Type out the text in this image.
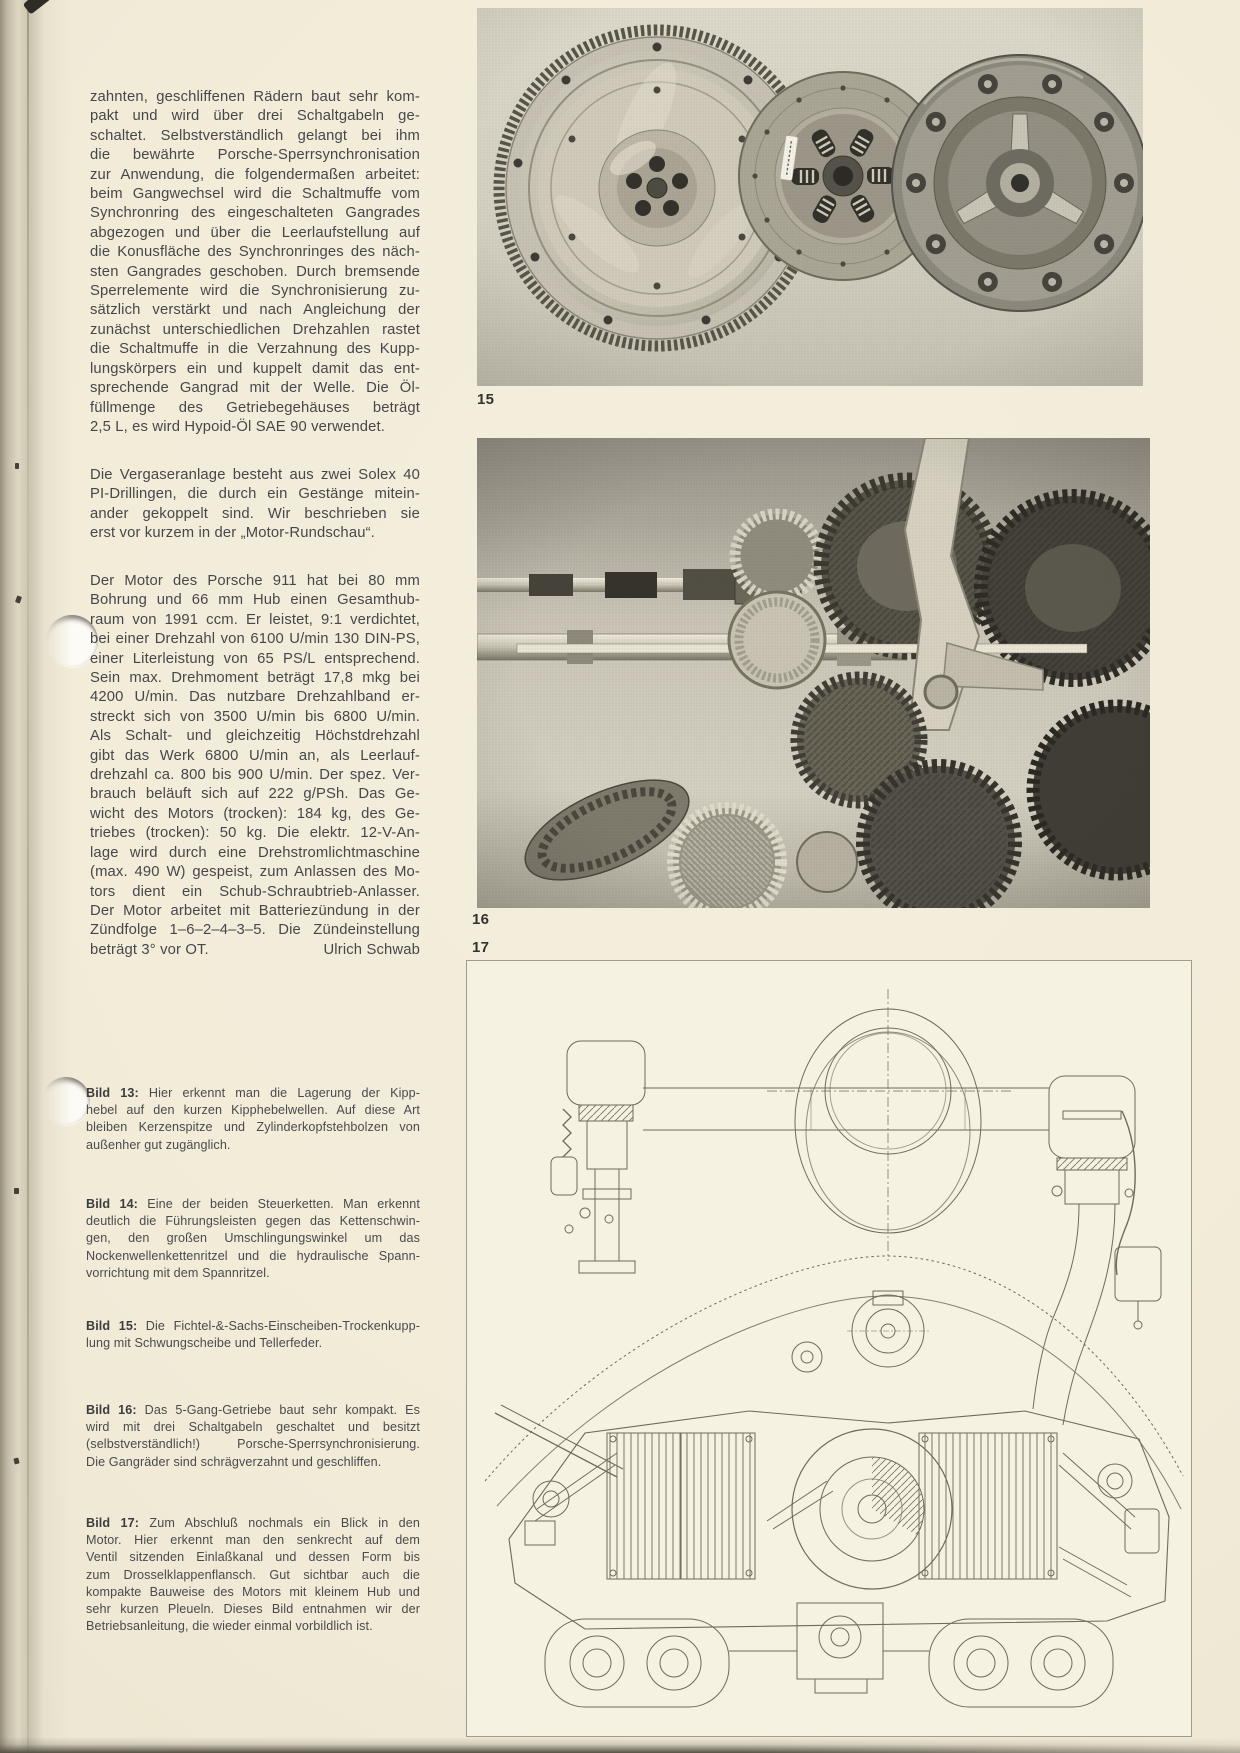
zahnten, geschliffenen Rädern baut sehr kom-
pakt und wird über drei Schaltgabeln ge-
schaltet. Selbstverständlich gelangt bei ihm
die bewährte Porsche-Sperrsynchronisation
zur Anwendung, die folgendermaßen arbeitet:
beim Gangwechsel wird die Schaltmuffe vom
Synchronring des eingeschalteten Gangrades
abgezogen und über die Leerlaufstellung auf
die Konusfläche des Synchronringes des näch-
sten Gangrades geschoben. Durch bremsende
Sperrelemente wird die Synchronisierung zu-
sätzlich verstärkt und nach Angleichung der
zunächst unterschiedlichen Drehzahlen rastet
die Schaltmuffe in die Verzahnung des Kupp-
lungskörpers ein und kuppelt damit das ent-
sprechende Gangrad mit der Welle. Die Öl-
füllmenge des Getriebegehäuses beträgt
2,5 L, es wird Hypoid-Öl SAE 90 verwendet.
Die Vergaseranlage besteht aus zwei Solex 40
PI-Drillingen, die durch ein Gestänge mitein-
ander gekoppelt sind. Wir beschrieben sie
erst vor kurzem in der „Motor-Rundschau“.
Der Motor des Porsche 911 hat bei 80 mm
Bohrung und 66 mm Hub einen Gesamthub-
raum von 1991 ccm. Er leistet, 9:1 verdichtet,
bei einer Drehzahl von 6100 U/min 130 DIN-PS,
einer Literleistung von 65 PS/L entsprechend.
Sein max. Drehmoment beträgt 17,8 mkg bei
4200 U/min. Das nutzbare Drehzahlband er-
streckt sich von 3500 U/min bis 6800 U/min.
Als Schalt- und gleichzeitig Höchstdrehzahl
gibt das Werk 6800 U/min an, als Leerlauf-
drehzahl ca. 800 bis 900 U/min. Der spez. Ver-
brauch beläuft sich auf 222 g/PSh. Das Ge-
wicht des Motors (trocken): 184 kg, des Ge-
triebes (trocken): 50 kg. Die elektr. 12-V-An-
lage wird durch eine Drehstromlichtmaschine
(max. 490 W) gespeist, zum Anlassen des Mo-
tors dient ein Schub-Schraubtrieb-Anlasser.
Der Motor arbeitet mit Batteriezündung in der
Zündfolge 1–6–2–4–3–5. Die Zündeinstellung
beträgt 3° vor OT.	Ulrich Schwab
Bild 13: Hier erkennt man die Lagerung der Kipp-
hebel auf den kurzen Kipphebelwellen. Auf diese Art
bleiben Kerzenspitze und Zylinderkopfstehbolzen von
außenher gut zugänglich.
Bild 14: Eine der beiden Steuerketten. Man erkennt
deutlich die Führungsleisten gegen das Kettenschwin-
gen, den großen Umschlingungswinkel um das
Nockenwellenkettenritzel und die hydraulische Spann-
vorrichtung mit dem Spannritzel.
Bild 15: Die Fichtel-&-Sachs-Einscheiben-Trockenkupp-
lung mit Schwungscheibe und Tellerfeder.
Bild 16: Das 5-Gang-Getriebe baut sehr kompakt. Es
wird mit drei Schaltgabeln geschaltet und besitzt
(selbstverständlich!) Porsche-Sperrsynchronisierung.
Die Gangräder sind schrägverzahnt und geschliffen.
Bild 17: Zum Abschluß nochmals ein Blick in den
Motor. Hier erkennt man den senkrecht auf dem
Ventil sitzenden Einlaßkanal und dessen Form bis
zum Drosselklappenflansch. Gut sichtbar auch die
kompakte Bauweise des Motors mit kleinem Hub und
sehr kurzen Pleueln. Dieses Bild entnahmen wir der
Betriebsanleitung, die wieder einmal vorbildlich ist.
15
16
17
